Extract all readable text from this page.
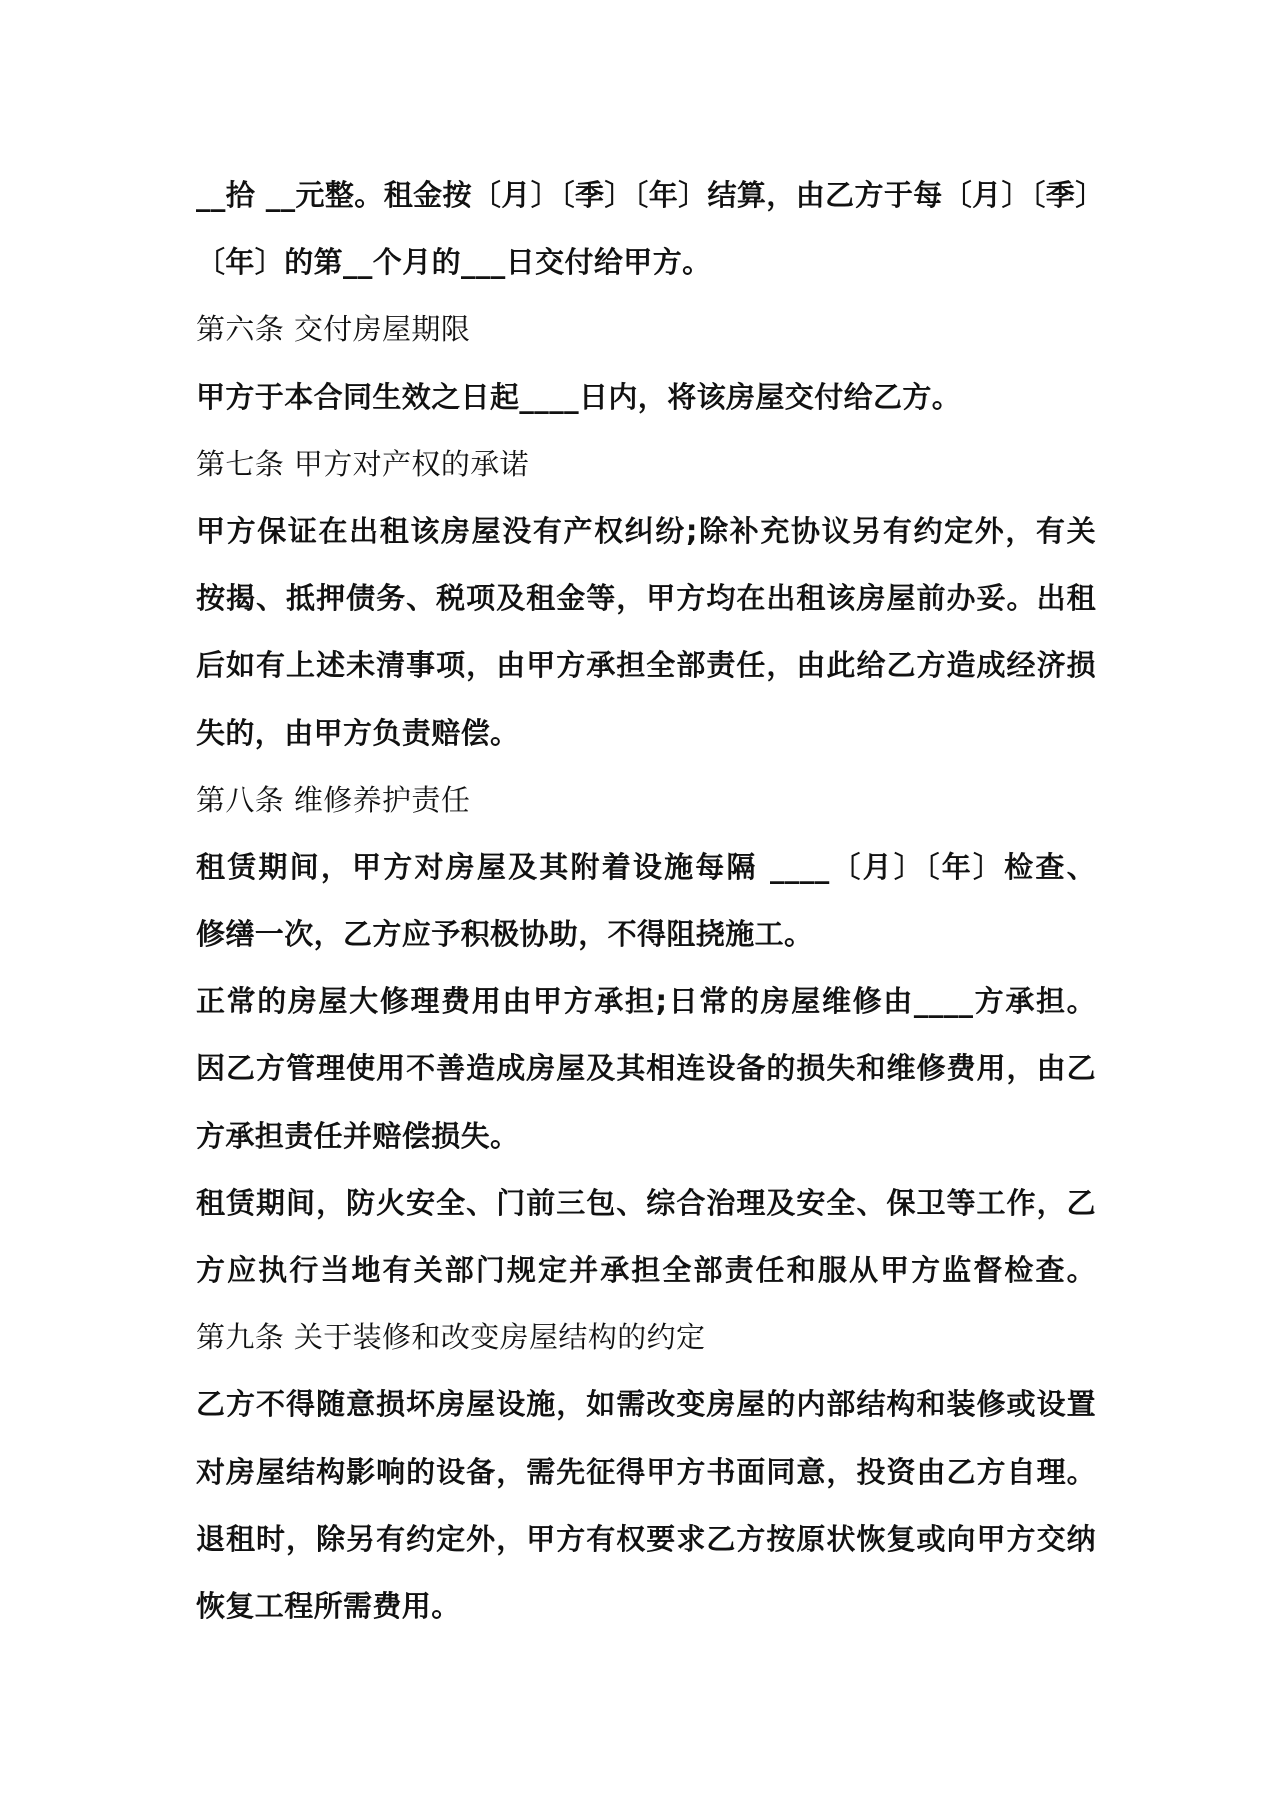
__拾 __元整。租金按〔月〕〔季〕〔年〕结算，由乙方于每〔月〕〔季〕
〔年〕的第__个月的___日交付给甲方。
第六条 交付房屋期限
甲方于本合同生效之日起____日内，将该房屋交付给乙方。
第七条 甲方对产权的承诺
甲方保证在出租该房屋没有产权纠纷;除补充协议另有约定外，有关
按揭、抵押债务、税项及租金等，甲方均在出租该房屋前办妥。出租
后如有上述未清事项，由甲方承担全部责任，由此给乙方造成经济损
失的，由甲方负责赔偿。
第八条 维修养护责任
租赁期间，甲方对房屋及其附着设施每隔 ____〔月〕〔年〕检查、
修缮一次，乙方应予积极协助，不得阻挠施工。
正常的房屋大修理费用由甲方承担;日常的房屋维修由____方承担。
因乙方管理使用不善造成房屋及其相连设备的损失和维修费用，由乙
方承担责任并赔偿损失。
租赁期间，防火安全、门前三包、综合治理及安全、保卫等工作，乙
方应执行当地有关部门规定并承担全部责任和服从甲方监督检查。
第九条 关于装修和改变房屋结构的约定
乙方不得随意损坏房屋设施，如需改变房屋的内部结构和装修或设置
对房屋结构影响的设备，需先征得甲方书面同意，投资由乙方自理。
退租时，除另有约定外，甲方有权要求乙方按原状恢复或向甲方交纳
恢复工程所需费用。
